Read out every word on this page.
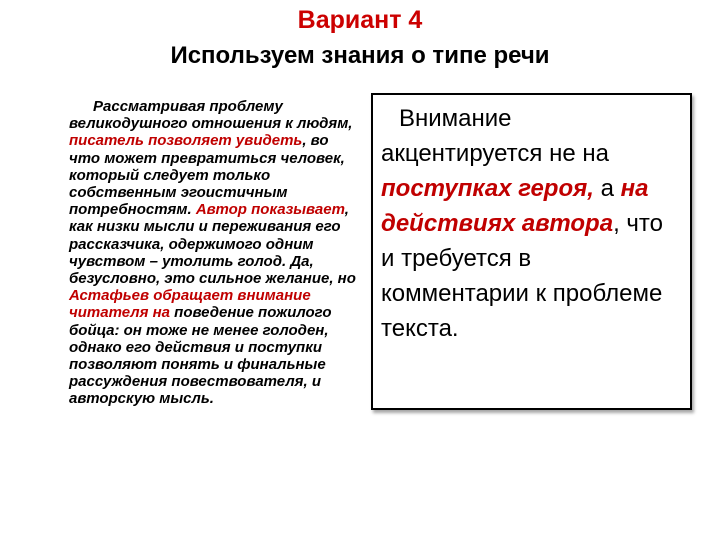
Вариант 4
Используем знания о типе речи
Рассматривая проблему великодушного отношения к людям, писатель позволяет увидеть, во что может превратиться человек, который следует только собственным эгоистичным потребностям. Автор показывает, как низки мысли и переживания его рассказчика, одержимого одним чувством – утолить голод. Да, безусловно, это сильное желание, но Астафьев обращает внимание читателя на поведение пожилого бойца: он тоже не менее голоден, однако его действия и поступки позволяют понять и финальные рассуждения повествователя, и авторскую мысль.
Внимание
акцентируется не на поступках героя, а на действиях автора, что и требуется в комментарии к проблеме текста.
